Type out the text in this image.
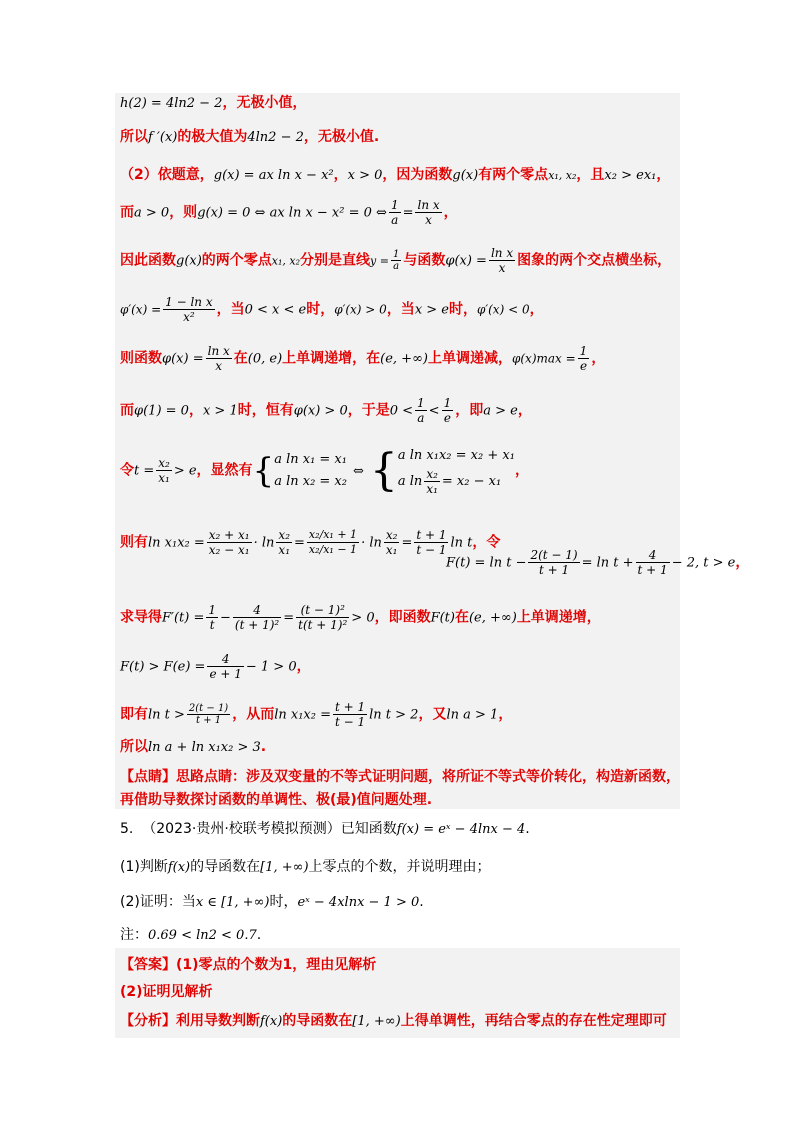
h(2) = 4ln2 − 2，无极小值，
所以f ′(x)的极大值为4ln2 − 2，无极小值.
（2）依题意，g(x) = ax ln x − x²，x > 0，因为函数g(x)有两个零点x₁, x₂，且x₂ > ex₁，
而a > 0，则g(x) = 0 ⇔ ax ln x − x² = 0 ⇔ $\frac{1}{a} = \frac{\text{ln x}}{x}$ ，
因此函数g(x)的两个零点x₁, x₂分别是直线$y = \frac{1}{a}$ 与函数$\varphi(x) = \frac{\text{ln x}}{x}$ 图象的两个交点横坐标，
$\varphi'(x) = \frac{\text{1 − ln x}}{\text{x²}}$ ，当0 < x < e时，φ′(x) > 0，当x > e时，φ′(x) < 0，
则函数$\varphi(x) = \frac{\text{ln x}}{x}$ 在(0, e)上单调递增，在(e, +∞)上单调递减，$\varphi(x)\max = \frac{1}{e}$ ，
而φ(1) = 0，x > 1时，恒有φ(x) > 0，于是$0 < \frac{1}{a} < \frac{1}{e}$ ，即a > e，
令$t = \frac{\text{x₂}}{\text{x₁}} > e$，显然有{ a ln x₁ = x₁
a ln x₂ = x₂
⇔ { a ln x₁x₂ = x₂ + x₁
a $\ln \frac{\text{x₂}}{\text{x₁}} = x_2 - x_1$
，
则有$\ln x_1x_2 = \frac{\text{x₂ + x₁}}{\text{x₂ − x₁}} \cdot \ln \frac{\text{x₂}}{\text{x₁}} = \frac{\text{x₂/x₁ + 1}}{\text{x₂/x₁ − 1}} \cdot \ln \frac{\text{x₂}}{\text{x₁}} = \frac{t + 1}{t - 1}$ ln t，令
$F(t) = \ln t - \frac{2(t - 1)}{t + 1} = \ln t + \frac{4}{t + 1} - 2$, t > e，
求导得$F'(t) = \frac{1}{t} - \frac{4}{\text{(t + 1)²}} = \frac{\text{(t − 1)²}}{\text{t(t + 1)²}} > 0$，即函数F(t)在(e, +∞)上单调递增，
$F(t) > F(e) = \frac{4}{e + 1} - 1 > 0$，
即有$\ln t > \frac{2(t - 1)}{t + 1}$ ，从而$\ln x_1x_2 = \frac{t + 1}{t - 1}$ ln t > 2，又ln a > 1，
所以ln a + ln x₁x₂ > 3.
【点睛】思路点睛：涉及双变量的不等式证明问题，将所证不等式等价转化，构造新函数，
再借助导数探讨函数的单调性、极(最)值问题处理.
5. （2023·贵州·校联考模拟预测）已知函数f(x) = eˣ − 4lnx − 4.
(1)判断f(x)的导函数在[1, +∞)上零点的个数，并说明理由；
(2)证明：当x ∈ [1, +∞)时，eˣ − 4xlnx − 1 > 0.
注：0.69 < ln2 < 0.7.
【答案】(1)零点的个数为1，理由见解析
(2)证明见解析
【分析】利用导数判断f(x)的导函数在[1, +∞)上得单调性，再结合零点的存在性定理即可
